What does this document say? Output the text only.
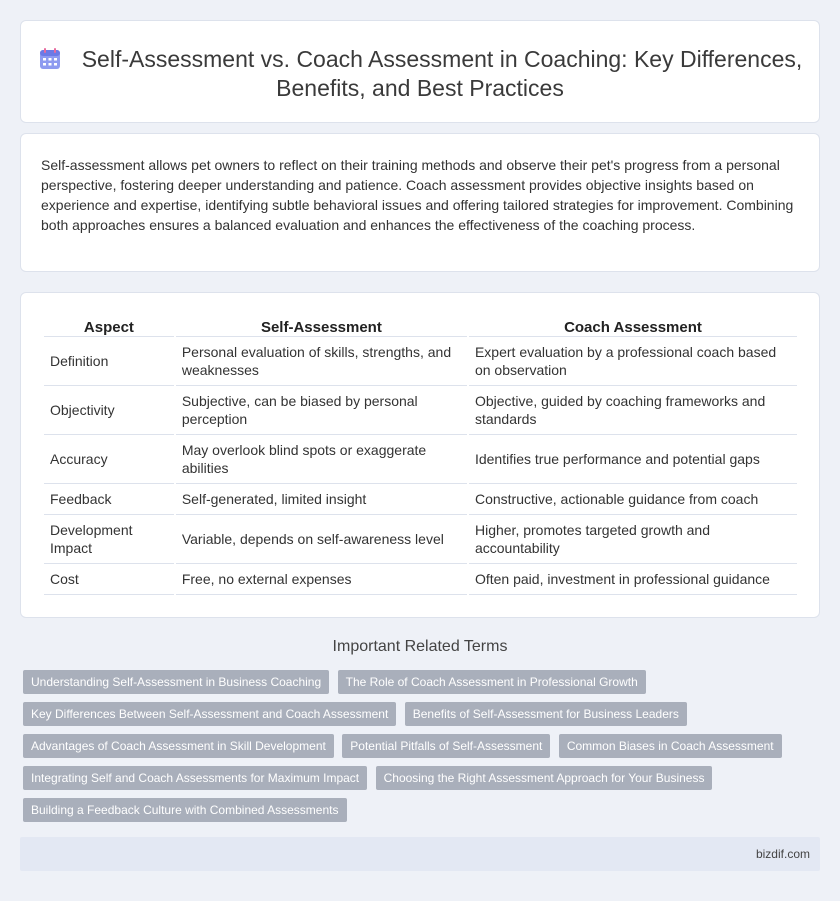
Self-Assessment vs. Coach Assessment in Coaching: Key Differences, Benefits, and Best Practices

Self-assessment allows pet owners to reflect on their training methods and observe their pet's progress from a personal perspective, fostering deeper understanding and patience. Coach assessment provides objective insights based on experience and expertise, identifying subtle behavioral issues and offering tailored strategies for improvement. Combining both approaches ensures a balanced evaluation and enhances the effectiveness of the coaching process.

Aspect	Self-Assessment	Coach Assessment
Definition	Personal evaluation of skills, strengths, and weaknesses	Expert evaluation by a professional coach based on observation
Objectivity	Subjective, can be biased by personal perception	Objective, guided by coaching frameworks and standards
Accuracy	May overlook blind spots or exaggerate abilities	Identifies true performance and potential gaps
Feedback	Self-generated, limited insight	Constructive, actionable guidance from coach
Development Impact	Variable, depends on self-awareness level	Higher, promotes targeted growth and accountability
Cost	Free, no external expenses	Often paid, investment in professional guidance
Important Related Terms
Understanding Self-Assessment in Business Coaching The Role of Coach Assessment in Professional Growth Key Differences Between Self-Assessment and Coach Assessment Benefits of Self-Assessment for Business Leaders Advantages of Coach Assessment in Skill Development Potential Pitfalls of Self-Assessment Common Biases in Coach Assessment Integrating Self and Coach Assessments for Maximum Impact Choosing the Right Assessment Approach for Your Business Building a Feedback Culture with Combined Assessments
bizdif.com
